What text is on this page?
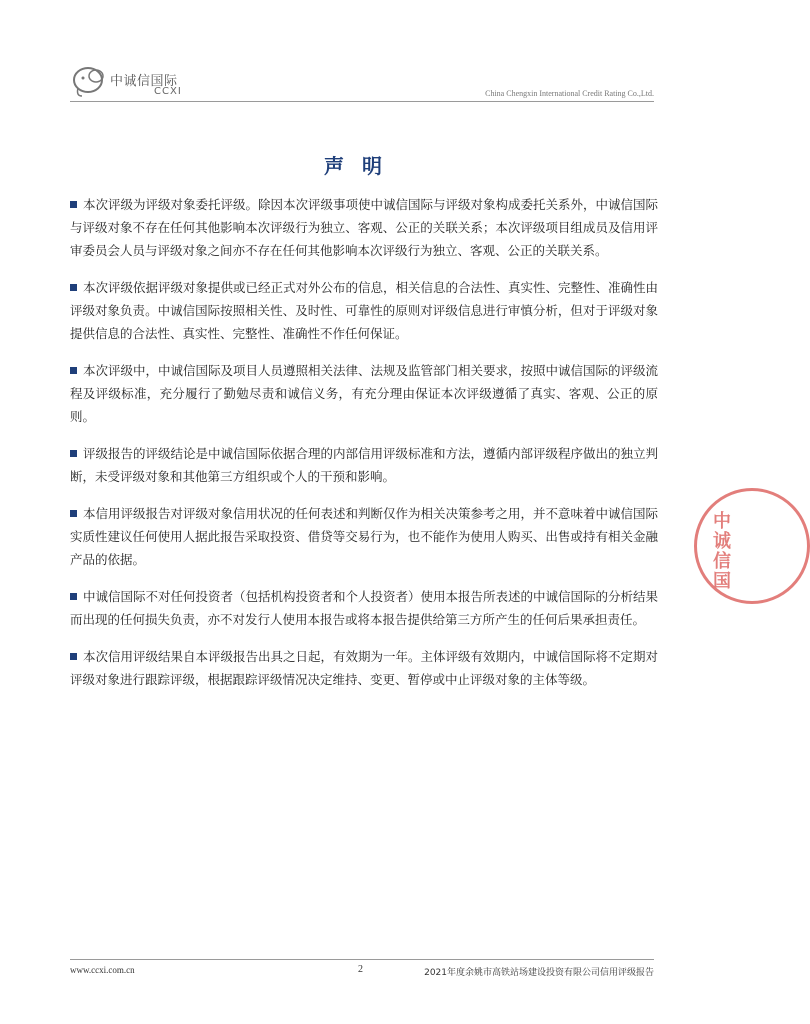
中诚信国际
CCXI	China Chengxin International Credit Rating Co.,Ltd.
声明

本次评级为评级对象委托评级。除因本次评级事项使中诚信国际与评级对象构成委托关系外，中诚信国际与评级对象不存在任何其他影响本次评级行为独立、客观、公正的关联关系；本次评级项目组成员及信用评审委员会人员与评级对象之间亦不存在任何其他影响本次评级行为独立、客观、公正的关联关系。

本次评级依据评级对象提供或已经正式对外公布的信息，相关信息的合法性、真实性、完整性、准确性由评级对象负责。中诚信国际按照相关性、及时性、可靠性的原则对评级信息进行审慎分析，但对于评级对象提供信息的合法性、真实性、完整性、准确性不作任何保证。

本次评级中，中诚信国际及项目人员遵照相关法律、法规及监管部门相关要求，按照中诚信国际的评级流程及评级标准，充分履行了勤勉尽责和诚信义务，有充分理由保证本次评级遵循了真实、客观、公正的原则。

评级报告的评级结论是中诚信国际依据合理的内部信用评级标准和方法，遵循内部评级程序做出的独立判断，未受评级对象和其他第三方组织或个人的干预和影响。

本信用评级报告对评级对象信用状况的任何表述和判断仅作为相关决策参考之用，并不意味着中诚信国际实质性建议任何使用人据此报告采取投资、借贷等交易行为，也不能作为使用人购买、出售或持有相关金融产品的依据。

中诚信国际不对任何投资者（包括机构投资者和个人投资者）使用本报告所表述的中诚信国际的分析结果而出现的任何损失负责，亦不对发行人使用本报告或将本报告提供给第三方所产生的任何后果承担责任。

本次信用评级结果自本评级报告出具之日起，有效期为一年。主体评级有效期内，中诚信国际将不定期对评级对象进行跟踪评级，根据跟踪评级情况决定维持、变更、暂停或中止评级对象的主体等级。

中诚信国
www.ccxi.com.cn	2	2021年度余姚市高铁站场建设投资有限公司信用评级报告
